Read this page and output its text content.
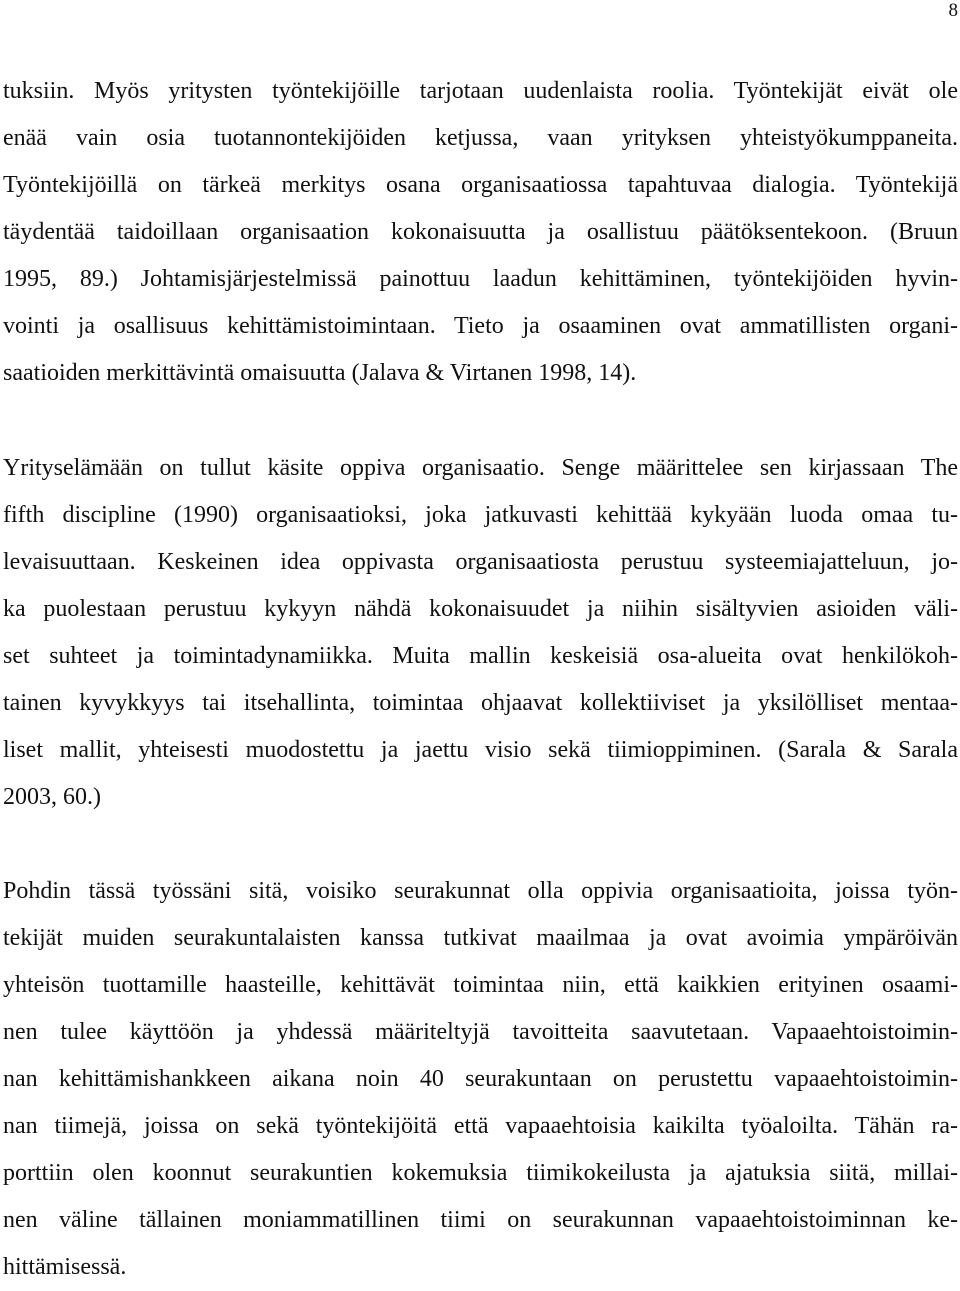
8
tuksiin. Myös yritysten työntekijöille tarjotaan uudenlaista roolia. Työntekijät eivät ole
enää vain osia tuotannontekijöiden ketjussa, vaan yrityksen yhteistyökumppaneita.
Työntekijöillä on tärkeä merkitys osana organisaatiossa tapahtuvaa dialogia. Työntekijä
täydentää taidoillaan organisaation kokonaisuutta ja osallistuu päätöksentekoon. (Bruun
1995, 89.) Johtamisjärjestelmissä painottuu laadun kehittäminen, työntekijöiden hyvin-
vointi ja osallisuus kehittämistoimintaan. Tieto ja osaaminen ovat ammatillisten organi-
saatioiden merkittävintä omaisuutta (Jalava & Virtanen 1998, 14).
Yrityselämään on tullut käsite oppiva organisaatio. Senge määrittelee sen kirjassaan The
fifth discipline (1990) organisaatioksi, joka jatkuvasti kehittää kykyään luoda omaa tu-
levaisuuttaan. Keskeinen idea oppivasta organisaatiosta perustuu systeemiajatteluun, jo-
ka puolestaan perustuu kykyyn nähdä kokonaisuudet ja niihin sisältyvien asioiden väli-
set suhteet ja toimintadynamiikka. Muita mallin keskeisiä osa-alueita ovat henkilökoh-
tainen kyvykkyys tai itsehallinta, toimintaa ohjaavat kollektiiviset ja yksilölliset mentaa-
liset mallit, yhteisesti muodostettu ja jaettu visio sekä tiimioppiminen. (Sarala & Sarala
2003, 60.)
Pohdin tässä työssäni sitä, voisiko seurakunnat olla oppivia organisaatioita, joissa työn-
tekijät muiden seurakuntalaisten kanssa tutkivat maailmaa ja ovat avoimia ympäröivän
yhteisön tuottamille haasteille, kehittävät toimintaa niin, että kaikkien erityinen osaami-
nen tulee käyttöön ja yhdessä määriteltyjä tavoitteita saavutetaan. Vapaaehtoistoimin-
nan kehittämishankkeen aikana noin 40 seurakuntaan on perustettu vapaaehtoistoimin-
nan tiimejä, joissa on sekä työntekijöitä että vapaaehtoisia kaikilta työaloilta. Tähän ra-
porttiin olen koonnut seurakuntien kokemuksia tiimikokeilusta ja ajatuksia siitä, millai-
nen väline tällainen moniammatillinen tiimi on seurakunnan vapaaehtoistoiminnan ke-
hittämisessä.
